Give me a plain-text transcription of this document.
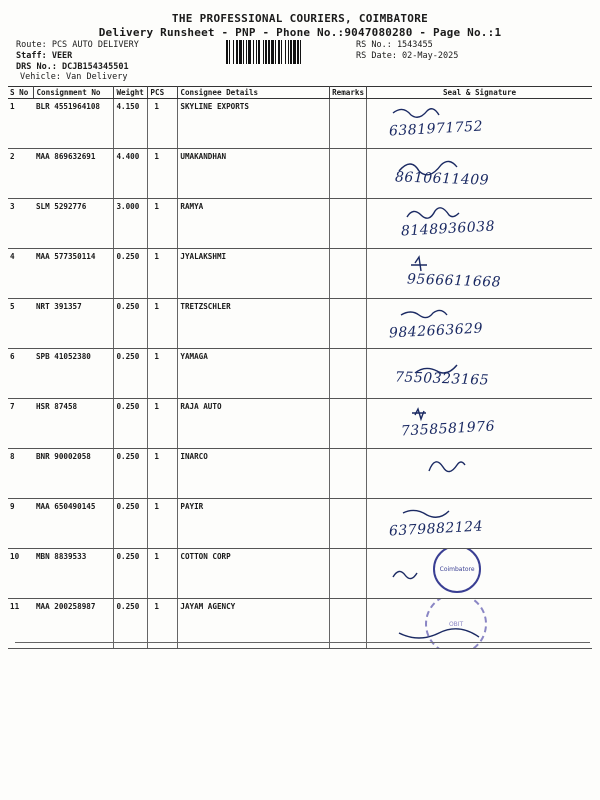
THE PROFESSIONAL COURIERS, COIMBATORE
Delivery Runsheet - PNP - Phone No.:9047080280 - Page No.:1
Route: PCS AUTO DELIVERY
Staff: VEER
DRS No.: DCJB154345501
Vehicle: Van Delivery
RS No.: 1543455
RS Date: 02-May-2025
S No	Consignment No	Weight	PCS	Consignee Details	Remarks	Seal & Signature
1	BLR 4551964108	4.150	1	SKYLINE EXPORTS		6381971752

2	MAA 869632691	4.400	1	UMAKANDHAN		8610611409

3	SLM 5292776	3.000	1	RAMYA		8148936038

4	MAA 577350114	0.250	1	JYALAKSHMI		9566611668

5	NRT 391357	0.250	1	TRETZSCHLER		9842663629

6	SPB 41052380	0.250	1	YAMAGA		7550323165

7	HSR 87458	0.250	1	RAJA AUTO		7358581976

8	BNR 90002058	0.250	1	INARCO		

9	MAA 650490145	0.250	1	PAYIR		6379882124

10	MBN 8839533	0.250	1	COTTON CORP		Coimbatore

11	MAA 200258987	0.250	1	JAYAM AGENCY		OBIT
